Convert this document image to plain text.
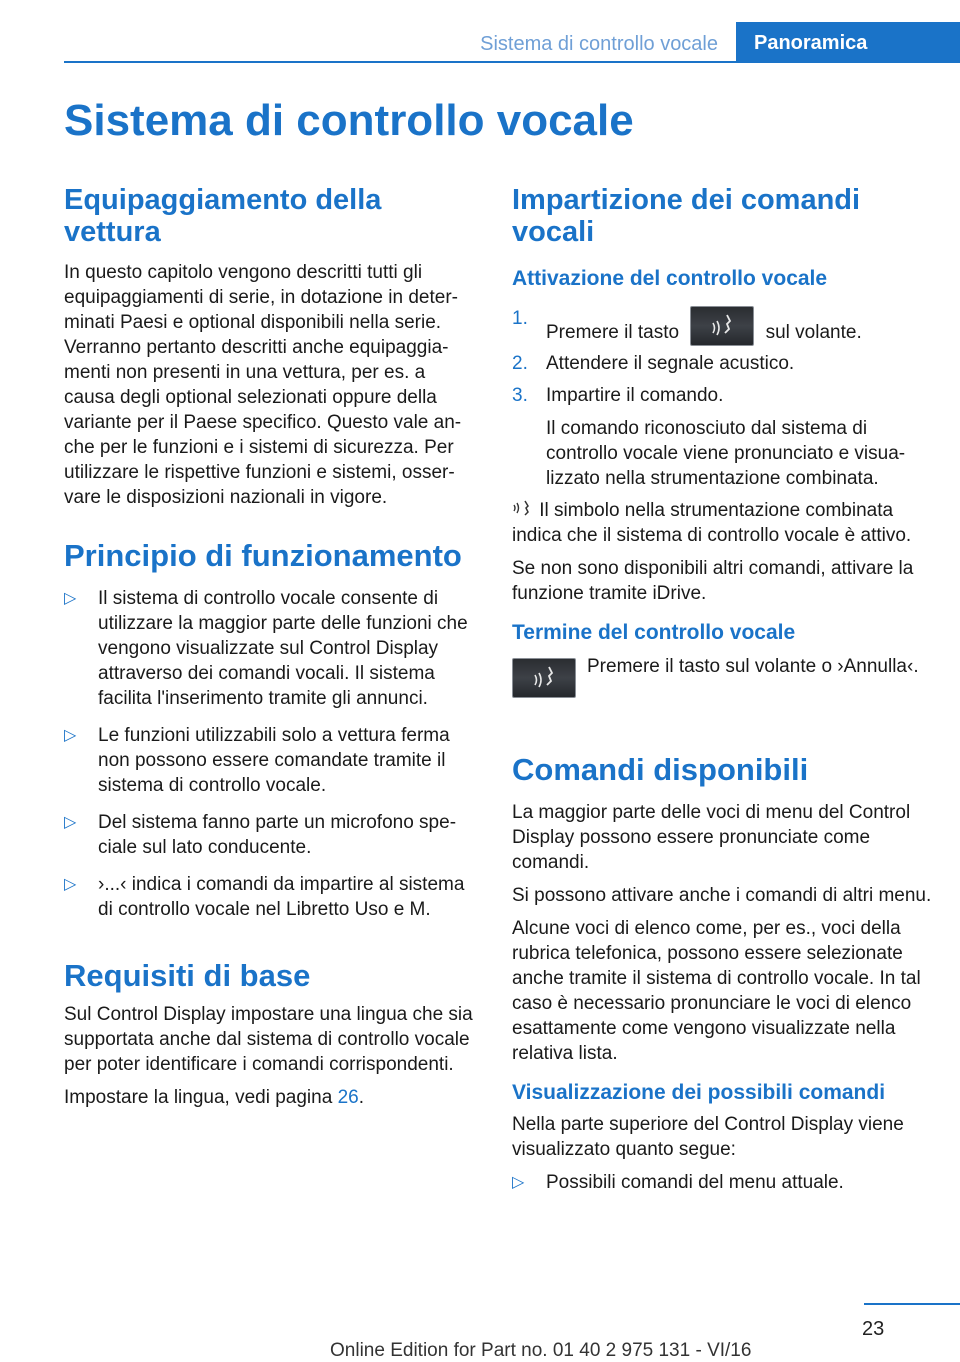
Sistema di controllo vocale	Panoramica
Sistema di controllo vocale
Equipaggiamento della vettura

In questo capitolo vengono descritti tutti gli equipaggiamenti di serie, in dotazione in determinati Paesi e optional disponibili nella serie. Verranno pertanto descritti anche equipaggiamenti non presenti in una vettura, per es. a causa degli optional selezionati oppure della variante per il Paese specifico. Questo vale anche per le funzioni e i sistemi di sicurezza. Per utilizzare le rispettive funzioni e sistemi, osservare le disposizioni nazionali in vigore.

Principio di funzionamento
▷ Il sistema di controllo vocale consente di utilizzare la maggior parte delle funzioni che vengono visualizzate sul Control Display attraverso dei comandi vocali. Il sistema facilita l'inserimento tramite gli annunci.
▷ Le funzioni utilizzabili solo a vettura ferma non possono essere comandate tramite il sistema di controllo vocale.
▷ Del sistema fanno parte un microfono speciale sul lato conducente.
▷ ›...‹ indica i comandi da impartire al sistema di controllo vocale nel Libretto Uso e M.
Requisiti di base

Sul Control Display impostare una lingua che sia supportata anche dal sistema di controllo vocale per poter identificare i comandi corrispondenti.

Impostare la lingua, vedi pagina 26.

Impartizione dei comandi vocali
Attivazione del controllo vocale
1.
Premere il tasto	sul volante.
2. Attendere il segnale acustico.
3. Impartire il comando.
Il comando riconosciuto dal sistema di controllo vocale viene pronunciato e visualizzato nella strumentazione combinata.

Il simbolo nella strumentazione combinata indica che il sistema di controllo vocale è attivo.

Se non sono disponibili altri comandi, attivare la funzione tramite iDrive.

Termine del controllo vocale

Premere il tasto sul volante o ›Annulla‹.

Comandi disponibili

La maggior parte delle voci di menu del Control Display possono essere pronunciate come comandi.

Si possono attivare anche i comandi di altri menu.

Alcune voci di elenco come, per es., voci della rubrica telefonica, possono essere selezionate anche tramite il sistema di controllo vocale. In tal caso è necessario pronunciare le voci di elenco esattamente come vengono visualizzate nella relativa lista.

Visualizzazione dei possibili comandi

Nella parte superiore del Control Display viene visualizzato quanto segue:

▷ Possibili comandi del menu attuale.
23
Online Edition for Part no. 01 40 2 975 131 - VI/16
